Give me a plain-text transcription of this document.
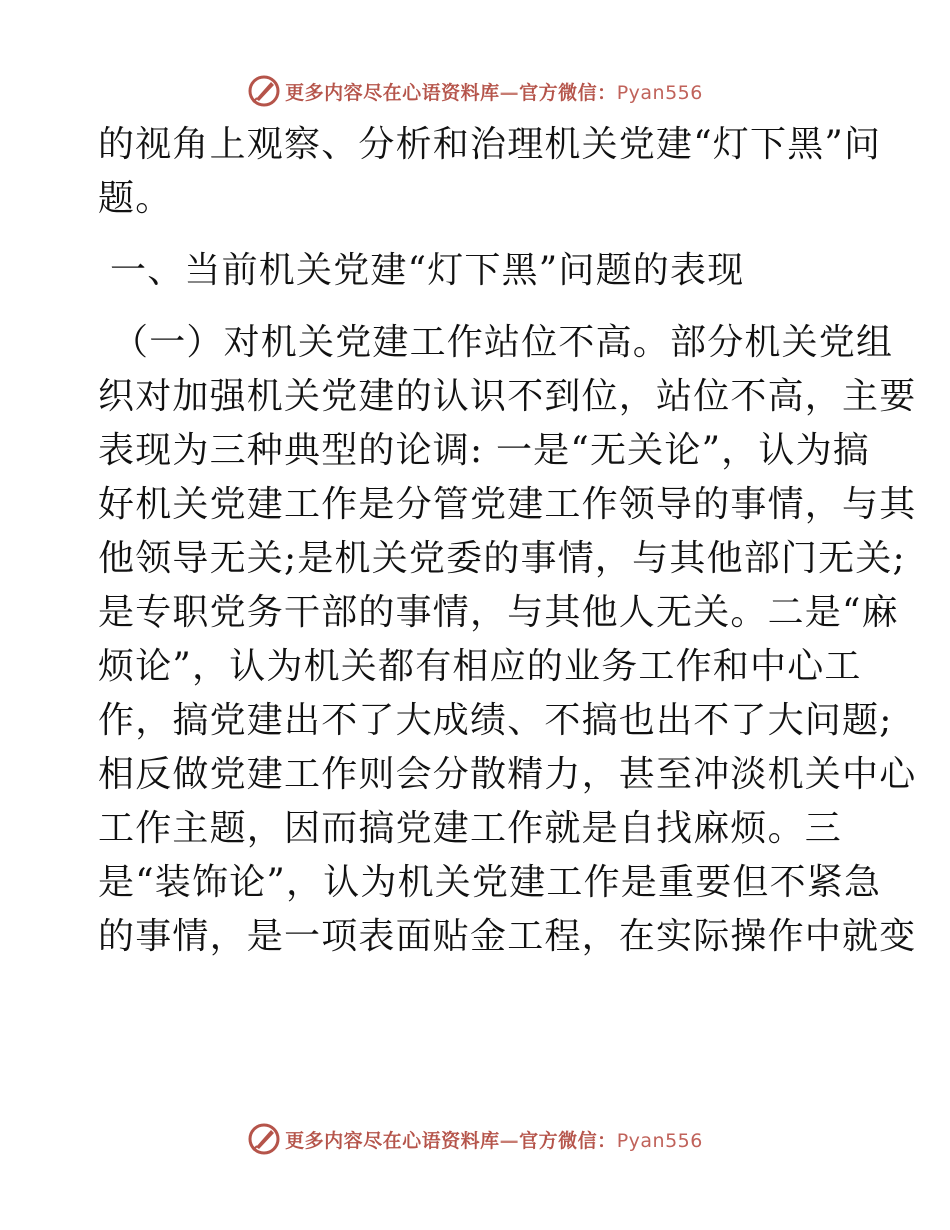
更多内容尽在心语资料库—官方微信：Pyan556
的视角上观察、分析和治理机关党建“灯下黑”问
题。
一、当前机关党建“灯下黑”问题的表现
（一）对机关党建工作站位不高。部分机关党组
织对加强机关党建的认识不到位，站位不高，主要
表现为三种典型的论调: 一是“无关论”，认为搞
好机关党建工作是分管党建工作领导的事情，与其
他领导无关;是机关党委的事情，与其他部门无关;
是专职党务干部的事情，与其他人无关。二是“麻
烦论”，认为机关都有相应的业务工作和中心工
作，搞党建出不了大成绩、不搞也出不了大问题;
相反做党建工作则会分散精力，甚至冲淡机关中心
工作主题，因而搞党建工作就是自找麻烦。三
是“装饰论”，认为机关党建工作是重要但不紧急
的事情，是一项表面贴金工程，在实际操作中就变
更多内容尽在心语资料库—官方微信：Pyan556
